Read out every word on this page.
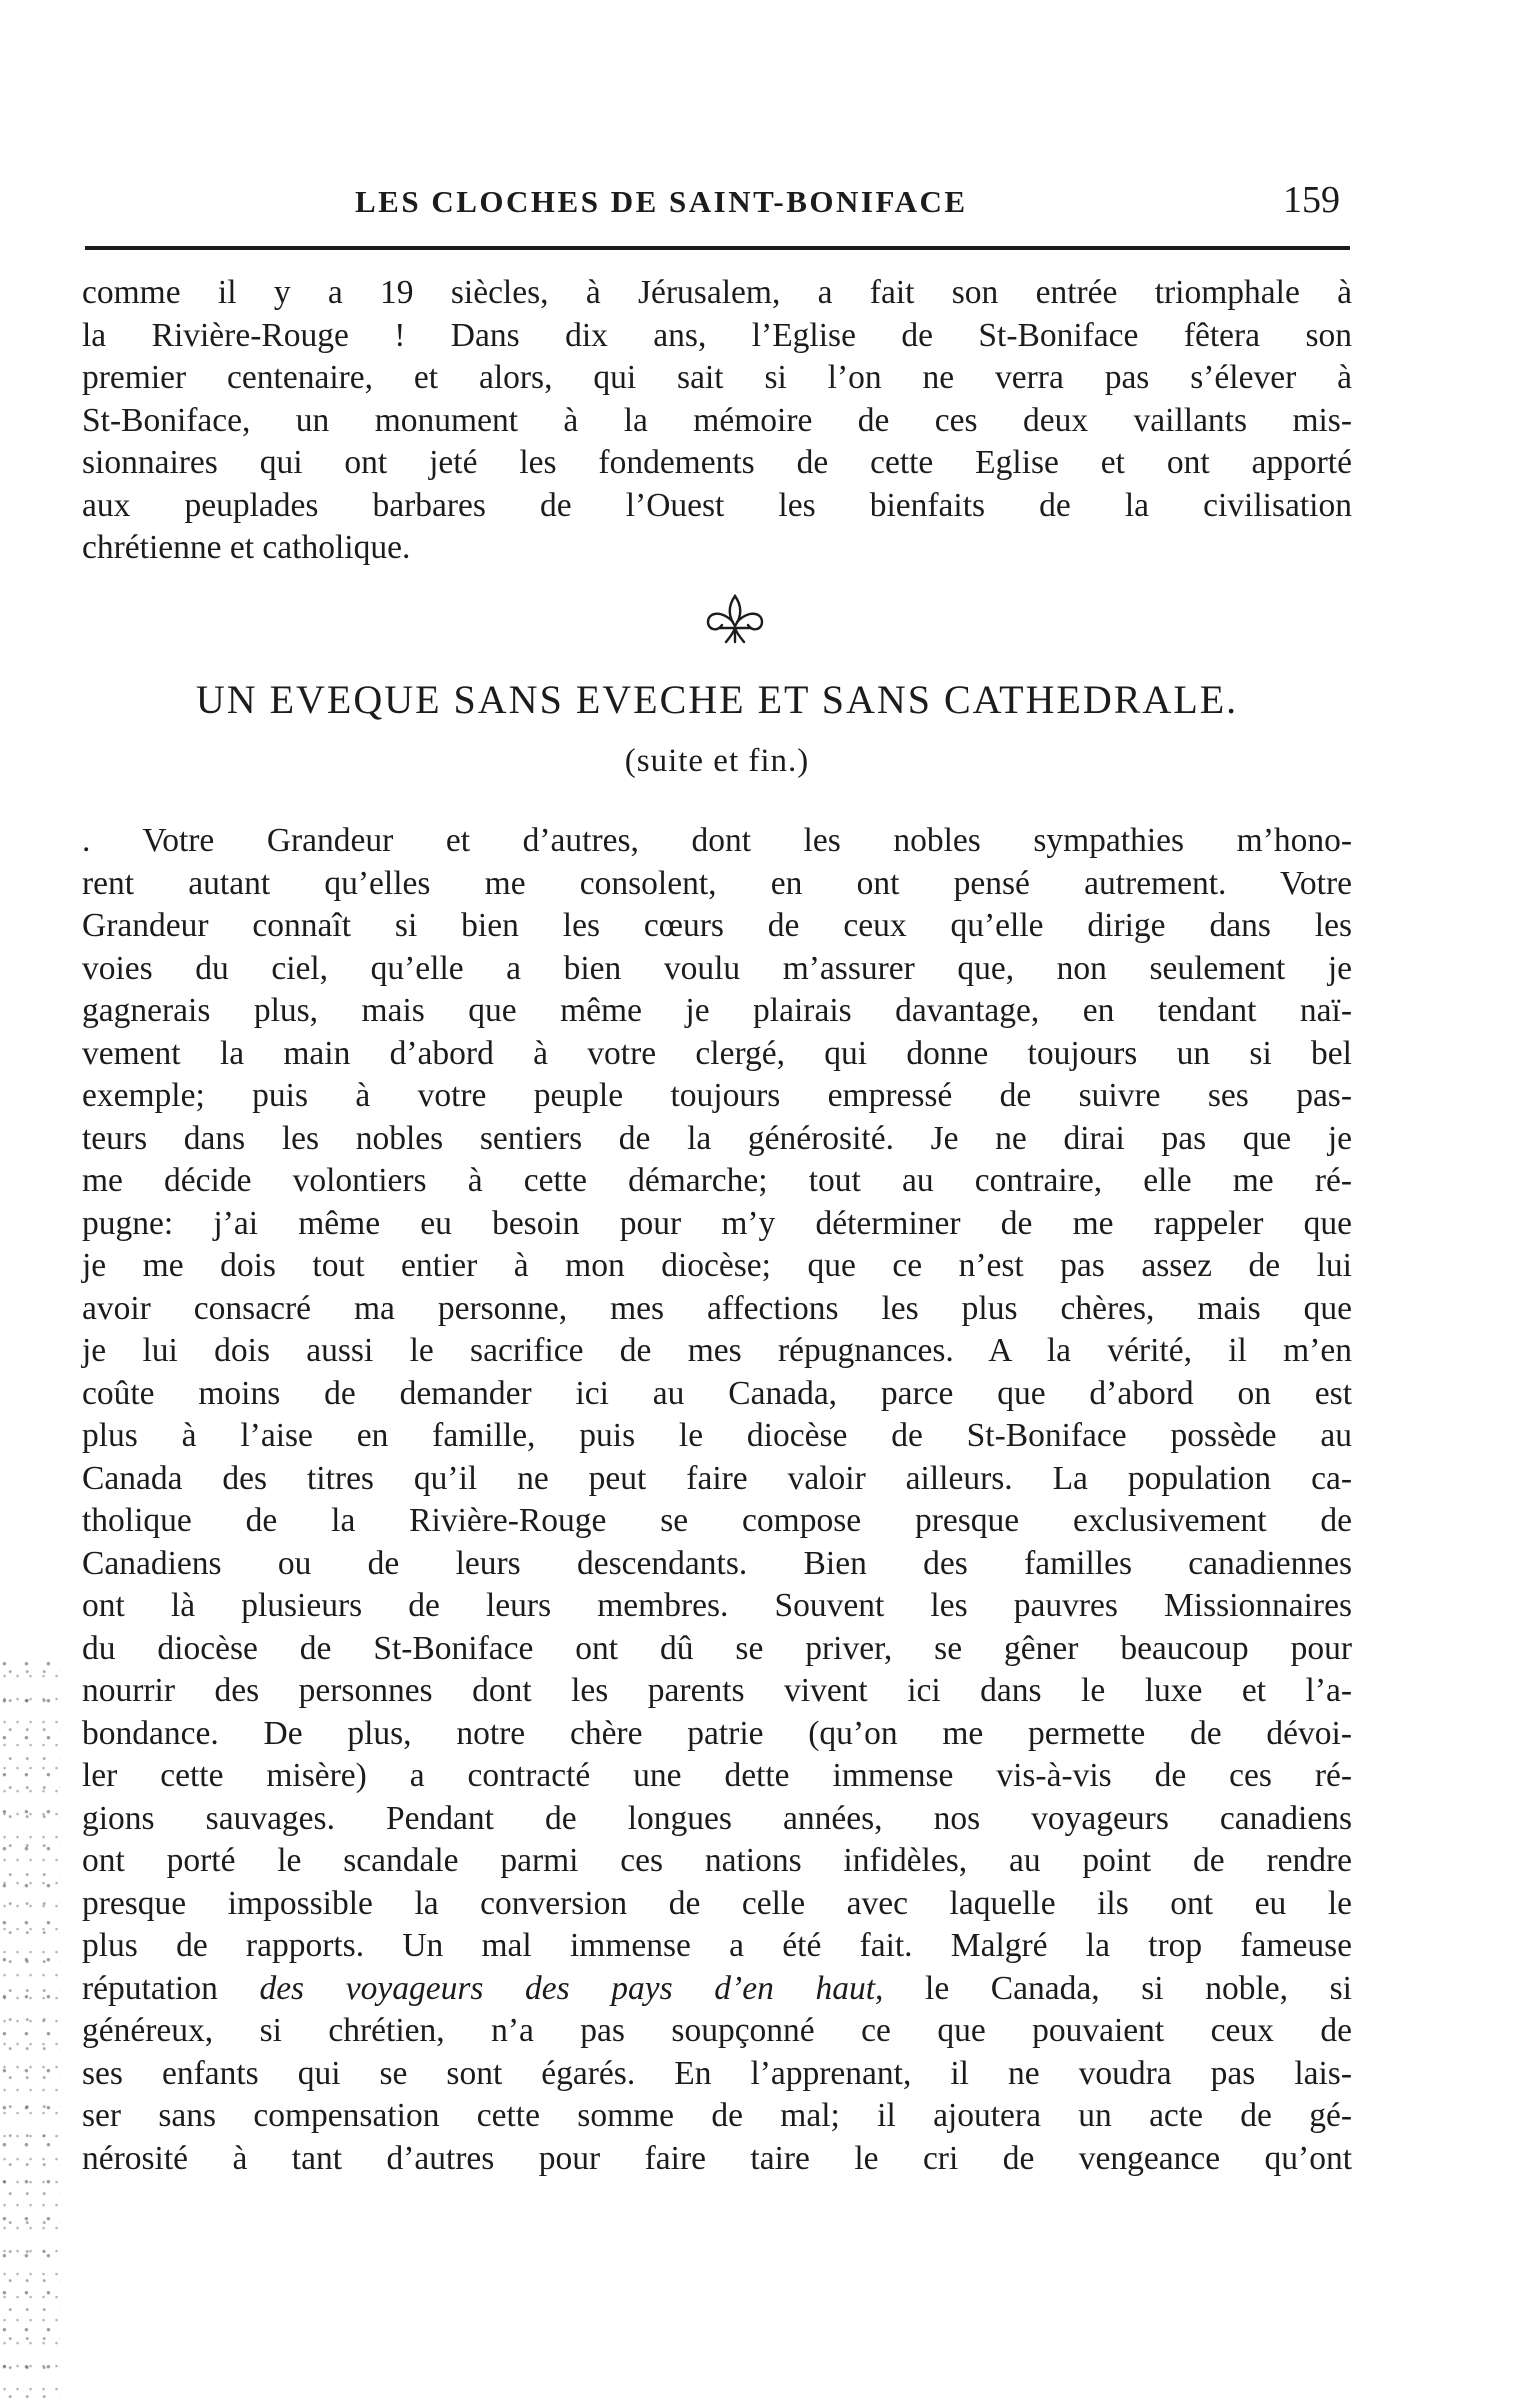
LES CLOCHES DE SAINT-BONIFACE	159
comme il y a 19 siècles, à Jérusalem, a fait son entrée triomphale à
la Rivière-Rouge ! Dans dix ans, l’Eglise de St-Boniface fêtera son
premier centenaire, et alors, qui sait si l’on ne verra pas s’élever à
St-Boniface, un monument à la mémoire de ces deux vaillants mis-
sionnaires qui ont jeté les fondements de cette Eglise et ont apporté
aux peuplades barbares de l’Ouest les bienfaits de la civilisation
chrétienne et catholique.
UN EVEQUE SANS EVECHE ET SANS CATHEDRALE.
(suite et fin.)
. Votre Grandeur et d’autres, dont les nobles sympathies m’hono-
rent autant qu’elles me consolent, en ont pensé autrement. Votre
Grandeur connaît si bien les cœurs de ceux qu’elle dirige dans les
voies du ciel, qu’elle a bien voulu m’assurer que, non seulement je
gagnerais plus, mais que même je plairais davantage, en tendant naï-
vement la main d’abord à votre clergé, qui donne toujours un si bel
exemple; puis à votre peuple toujours empressé de suivre ses pas-
teurs dans les nobles sentiers de la générosité. Je ne dirai pas que je
me décide volontiers à cette démarche; tout au contraire, elle me ré-
pugne: j’ai même eu besoin pour m’y déterminer de me rappeler que
je me dois tout entier à mon diocèse; que ce n’est pas assez de lui
avoir consacré ma personne, mes affections les plus chères, mais que
je lui dois aussi le sacrifice de mes répugnances. A la vérité, il m’en
coûte moins de demander ici au Canada, parce que d’abord on est
plus à l’aise en famille, puis le diocèse de St-Boniface possède au
Canada des titres qu’il ne peut faire valoir ailleurs. La population ca-
tholique de la Rivière-Rouge se compose presque exclusivement de
Canadiens ou de leurs descendants. Bien des familles canadiennes
ont là plusieurs de leurs membres. Souvent les pauvres Missionnaires
du diocèse de St-Boniface ont dû se priver, se gêner beaucoup pour
nourrir des personnes dont les parents vivent ici dans le luxe et l’a-
bondance. De plus, notre chère patrie (qu’on me permette de dévoi-
ler cette misère) a contracté une dette immense vis-à-vis de ces ré-
gions sauvages. Pendant de longues années, nos voyageurs canadiens
ont porté le scandale parmi ces nations infidèles, au point de rendre
presque impossible la conversion de celle avec laquelle ils ont eu le
plus de rapports. Un mal immense a été fait. Malgré la trop fameuse
réputation des voyageurs des pays d’en haut, le Canada, si noble, si
généreux, si chrétien, n’a pas soupçonné ce que pouvaient ceux de
ses enfants qui se sont égarés. En l’apprenant, il ne voudra pas lais-
ser sans compensation cette somme de mal; il ajoutera un acte de gé-
nérosité à tant d’autres pour faire taire le cri de vengeance qu’ont
